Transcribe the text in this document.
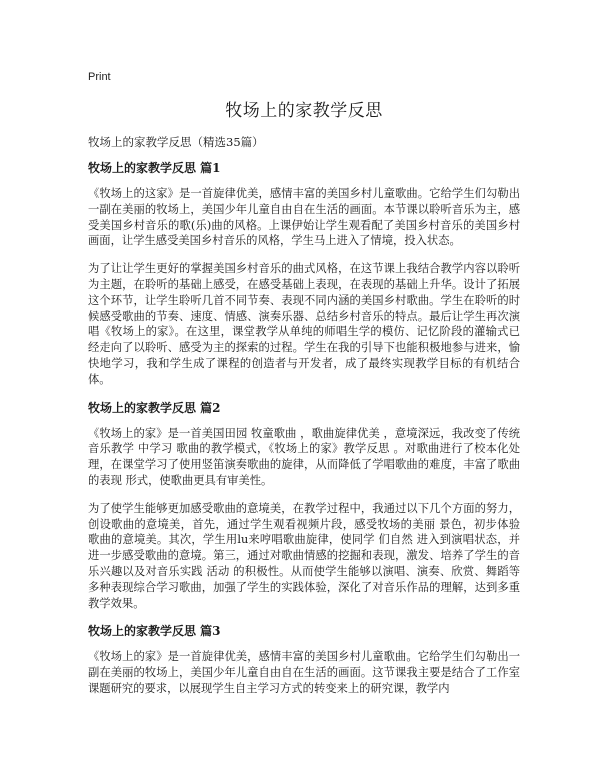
Print
牧场上的家教学反思
牧场上的家教学反思（精选35篇）
牧场上的家教学反思 篇1

《牧场上的这家》是一首旋律优美，感情丰富的美国乡村儿童歌曲。它给学生们勾勒出一副在美丽的牧场上，美国少年儿童自由自在生活的画面。本节课以聆听音乐为主，感受美国乡村音乐的歌(乐)曲的风格。上课伊始让学生观看配了美国乡村音乐的美国乡村画面，让学生感受美国乡村音乐的风格，学生马上进入了情境，投入状态。

为了让让学生更好的掌握美国乡村音乐的曲式风格，在这节课上我结合教学内容以聆听为主题，在聆听的基础上感受，在感受基础上表现，在表现的基础上升华。设计了拓展这个环节，让学生聆听几首不同节奏、表现不同内涵的美国乡村歌曲。学生在聆听的时候感受歌曲的节奏、速度、情感、演奏乐器、总结乡村音乐的特点。最后让学生再次演唱《牧场上的家》。在这里，课堂教学从单纯的师唱生学的模仿、记忆阶段的灌输式已经走向了以聆听、感受为主的探索的过程。学生在我的引导下也能积极地参与进来，愉快地学习，我和学生成了课程的创造者与开发者，成了最终实现教学目标的有机结合体。

牧场上的家教学反思 篇2

《牧场上的家》是一首美国田园 牧童歌曲 ，歌曲旋律优美 ，意境深远，我改变了传统音乐教学 中学习 歌曲的教学模式，《牧场上的家》教学反思 。对歌曲进行了校本化处理，在课堂学习了使用竖笛演奏歌曲的旋律，从而降低了学唱歌曲的难度，丰富了歌曲的表现 形式，使歌曲更具有审美性。

为了使学生能够更加感受歌曲的意境美，在教学过程中，我通过以下几个方面的努力，创设歌曲的意境美，首先，通过学生观看视频片段，感受牧场的美丽 景色，初步体验歌曲的意境美。其次，学生用lu来哼唱歌曲旋律，使同学 们自然 进入到演唱状态，并进一步感受歌曲的意境。第三，通过对歌曲情感的挖掘和表现，激发、培养了学生的音乐兴趣以及对音乐实践 活动 的积极性。从而使学生能够以演唱、演奏、欣赏、舞蹈等多种表现综合学习歌曲，加强了学生的实践体验，深化了对音乐作品的理解，达到多重教学效果。

牧场上的家教学反思 篇3

《牧场上的家》是一首旋律优美，感情丰富的美国乡村儿童歌曲。它给学生们勾勒出一副在美丽的牧场上，美国少年儿童自由自在生活的画面。这节课我主要是结合了工作室课题研究的要求，以展现学生自主学习方式的转变来上的研究课，教学内
